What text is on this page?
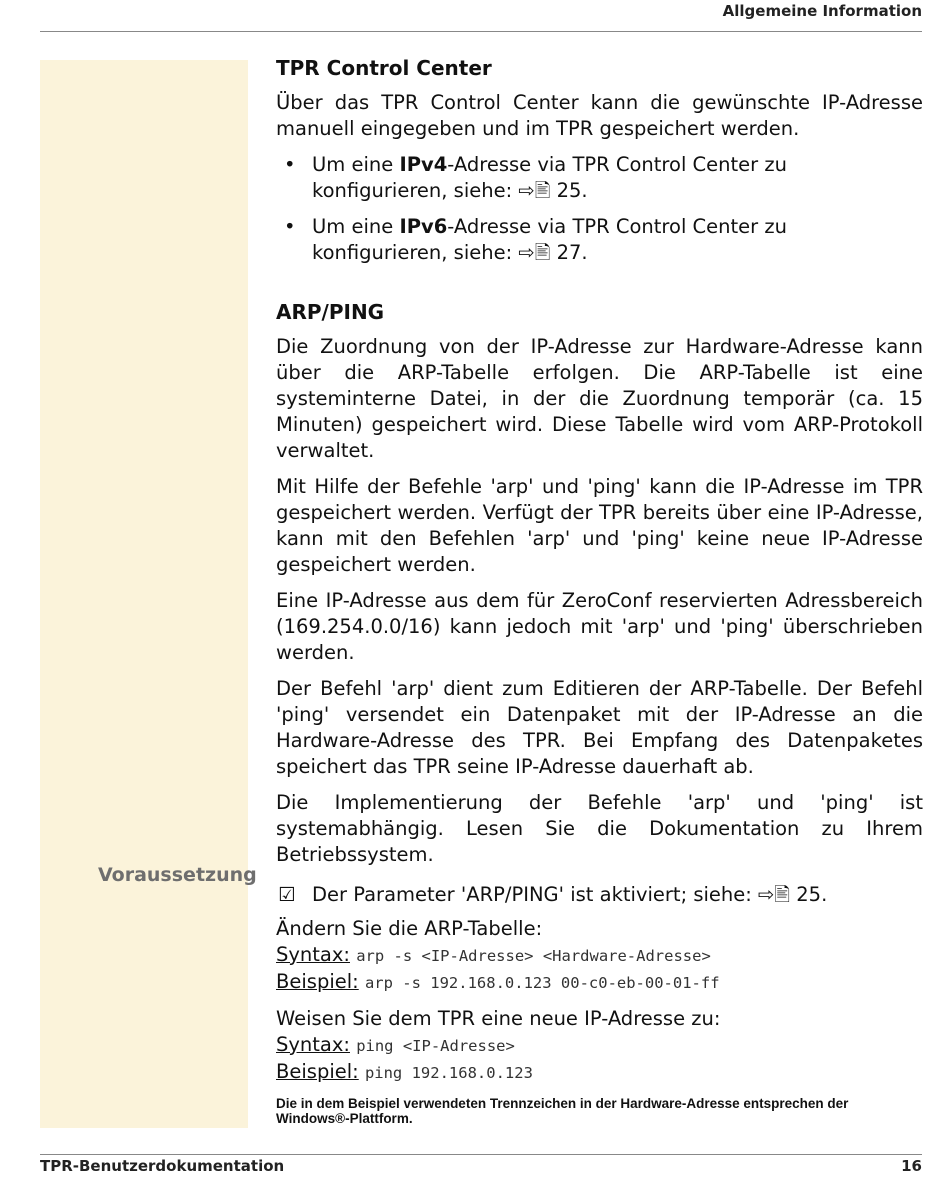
Allgemeine Information
Voraussetzung
TPR Control Center

Über das TPR Control Center kann die gewünschte IP-Adresse manuell eingegeben und im TPR gespeichert werden.

• Um eine IPv4-Adresse via TPR Control Center zu konfigurieren, siehe: ⇨🖹 25.
• Um eine IPv6-Adresse via TPR Control Center zu konfigurieren, siehe: ⇨🖹 27.
ARP/PING

Die Zuordnung von der IP-Adresse zur Hardware-Adresse kann über die ARP-Tabelle erfolgen. Die ARP-Tabelle ist eine systeminterne Datei, in der die Zuordnung temporär (ca. 15 Minuten) gespeichert wird. Diese Tabelle wird vom ARP-Protokoll verwaltet.

Mit Hilfe der Befehle 'arp' und 'ping' kann die IP-Adresse im TPR gespeichert werden. Verfügt der TPR bereits über eine IP-Adresse, kann mit den Befehlen 'arp' und 'ping' keine neue IP-Adresse gespeichert werden.

Eine IP-Adresse aus dem für ZeroConf reservierten Adressbereich (169.254.0.0/16) kann jedoch mit 'arp' und 'ping' überschrieben werden.

Der Befehl 'arp' dient zum Editieren der ARP-Tabelle. Der Befehl 'ping' versendet ein Datenpaket mit der IP-Adresse an die Hardware-Adresse des TPR. Bei Empfang des Datenpaketes speichert das TPR seine IP-Adresse dauerhaft ab.

Die Implementierung der Befehle 'arp' und 'ping' ist systemabhängig. Lesen Sie die Dokumentation zu Ihrem Betriebssystem.

☑ Der Parameter 'ARP/PING' ist aktiviert; siehe: ⇨🖹 25.
Ändern Sie die ARP-Tabelle:
Syntax: arp -s <IP-Adresse> <Hardware-Adresse>
Beispiel: arp -s 192.168.0.123 00-c0-eb-00-01-ff
Weisen Sie dem TPR eine neue IP-Adresse zu:
Syntax: ping <IP-Adresse>
Beispiel: ping 192.168.0.123
Die in dem Beispiel verwendeten Trennzeichen in der Hardware-Adresse entsprechen der Windows®-Plattform.
TPR-Benutzerdokumentation	16
